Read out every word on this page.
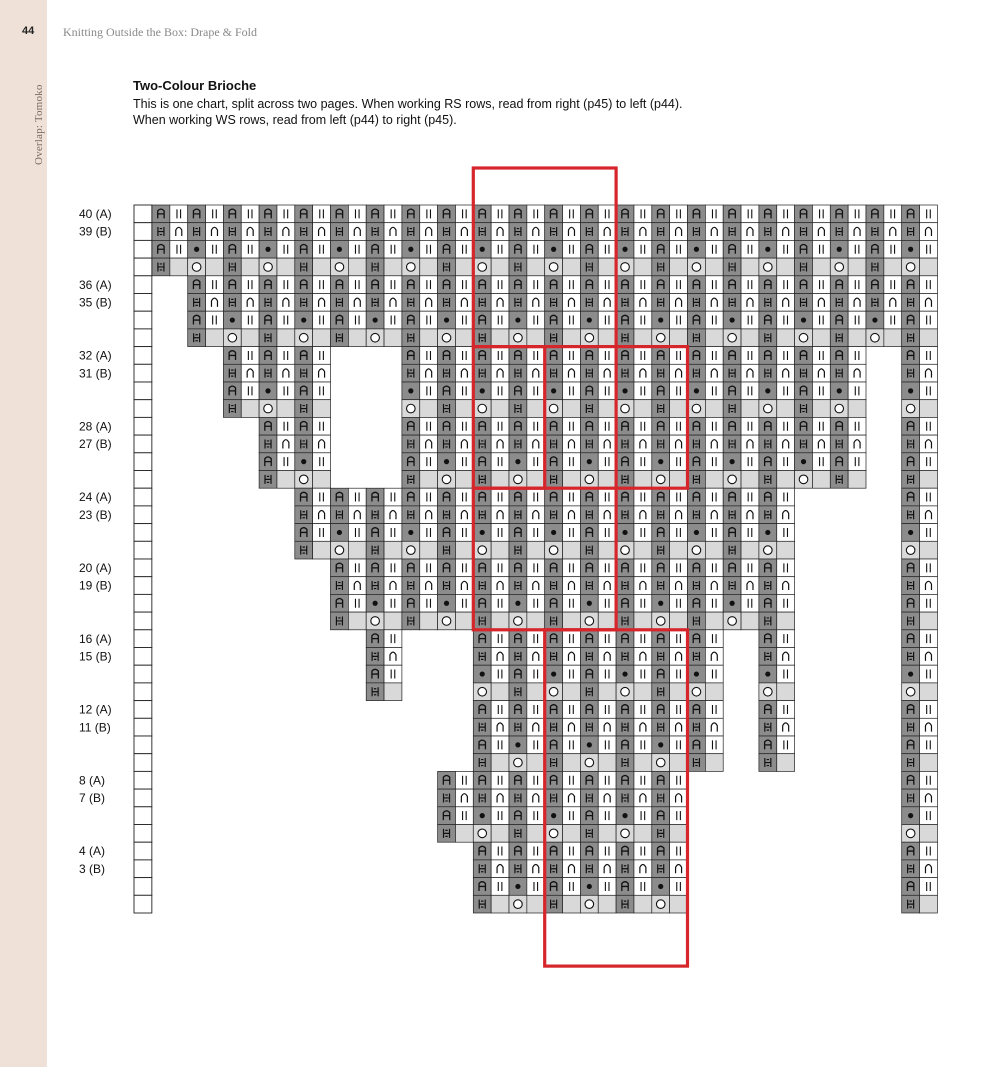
Overlap: Tomoko
44 Knitting Outside the Box: Drape & Fold
Two-Colour Brioche

This is one chart, split across two pages. When working RS rows, read from right (p45) to left (p44).

When working WS rows, read from left (p44) to right (p45).

40 (A)
39 (B)
36 (A)
35 (B)
32 (A)
31 (B)
28 (A)
27 (B)
24 (A)
23 (B)
20 (A)
19 (B)
16 (A)
15 (B)
12 (A)
11 (B)
8 (A)
7 (B)
4 (A)
3 (B)
